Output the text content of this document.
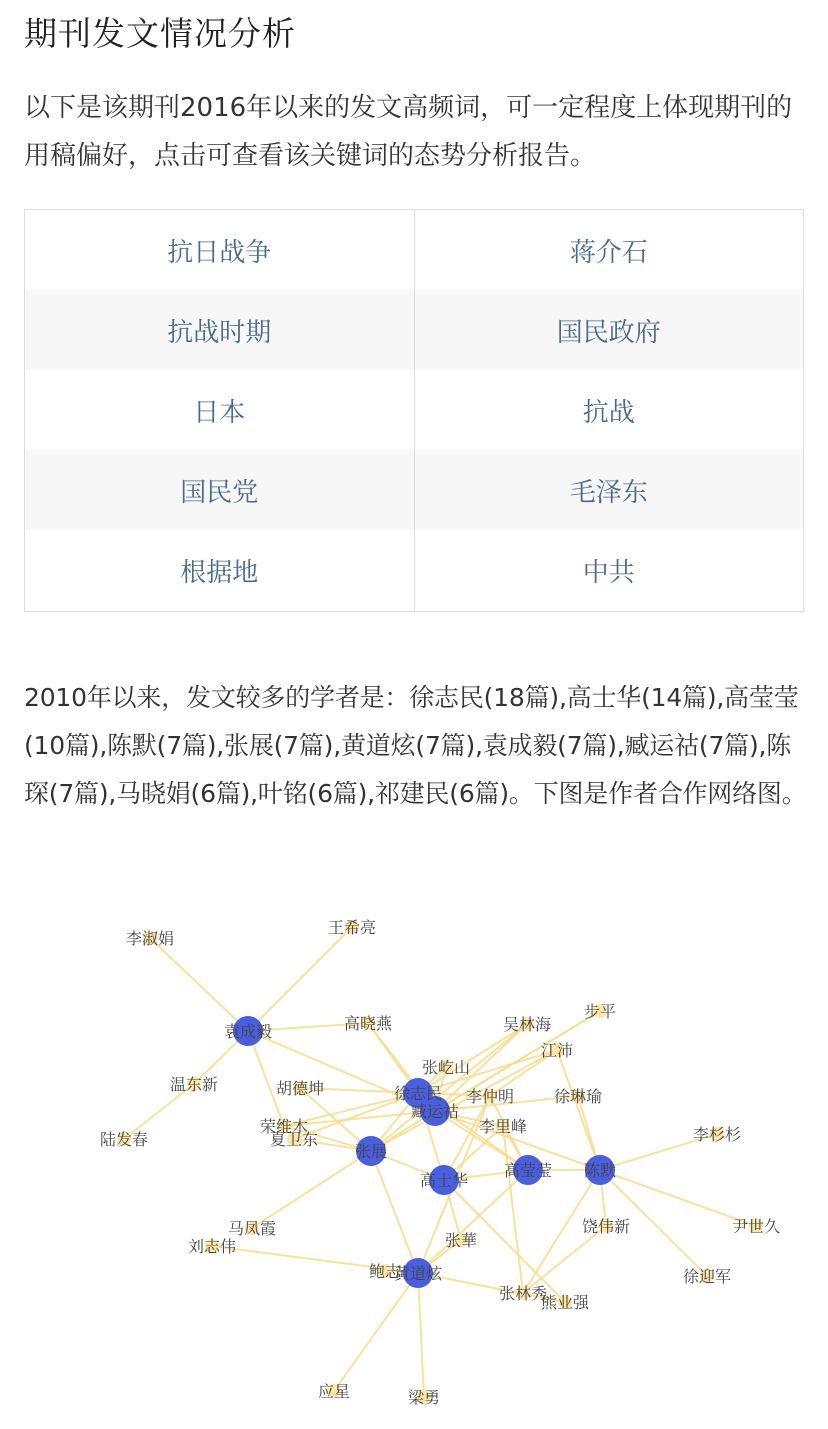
期刊发文情况分析

以下是该期刊2016年以来的发文高频词，可一定程度上体现期刊的用稿偏好，点击可查看该关键词的态势分析报告。

抗日战争	蒋介石
抗战时期	国民政府
日本	抗战
国民党	毛泽东
根据地	中共

2010年以来，发文较多的学者是：徐志民(18篇),高士华(14篇),高莹莹(10篇),陈默(7篇),张展(7篇),黄道炫(7篇),袁成毅(7篇),臧运祜(7篇),陈琛(7篇),马晓娟(6篇),叶铭(6篇),祁建民(6篇)。下图是作者合作网络图。

袁成毅
徐志民
臧运祜
张展
高士华
高莹莹 陈默
黄道炫
李淑娟
王希亮
高晓燕	吴林海
步平
江沛
张屹山
温东新	胡德坤	李仲明 徐琳瑜
陆发春
荣维木
夏卫东
李里峰	李杉杉
马凤霞
刘志伟	张華
饶伟新	尹世久
鲍志	徐迎军
张林秀
熊业强
应星	梁勇
